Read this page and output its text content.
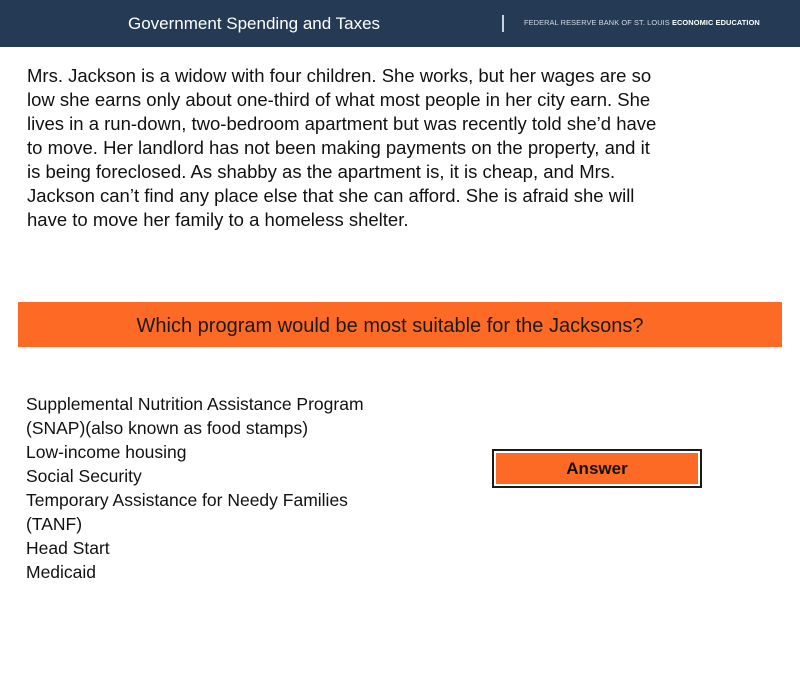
Government Spending and Taxes	FEDERAL RESERVE BANK OF ST. LOUIS ECONOMIC EDUCATION
Mrs. Jackson is a widow with four children. She works, but her wages are so
low she earns only about one-third of what most people in her city earn. She
lives in a run-down, two-bedroom apartment but was recently told she’d have
to move. Her landlord has not been making payments on the property, and it
is being foreclosed. As shabby as the apartment is, it is cheap, and Mrs.
Jackson can’t find any place else that she can afford. She is afraid she will
have to move her family to a homeless shelter.
Which program would be most suitable for the Jacksons?
Supplemental Nutrition Assistance Program
(SNAP)(also known as food stamps)
Low-income housing
Social Security
Temporary Assistance for Needy Families
(TANF)
Head Start
Medicaid
Answer
